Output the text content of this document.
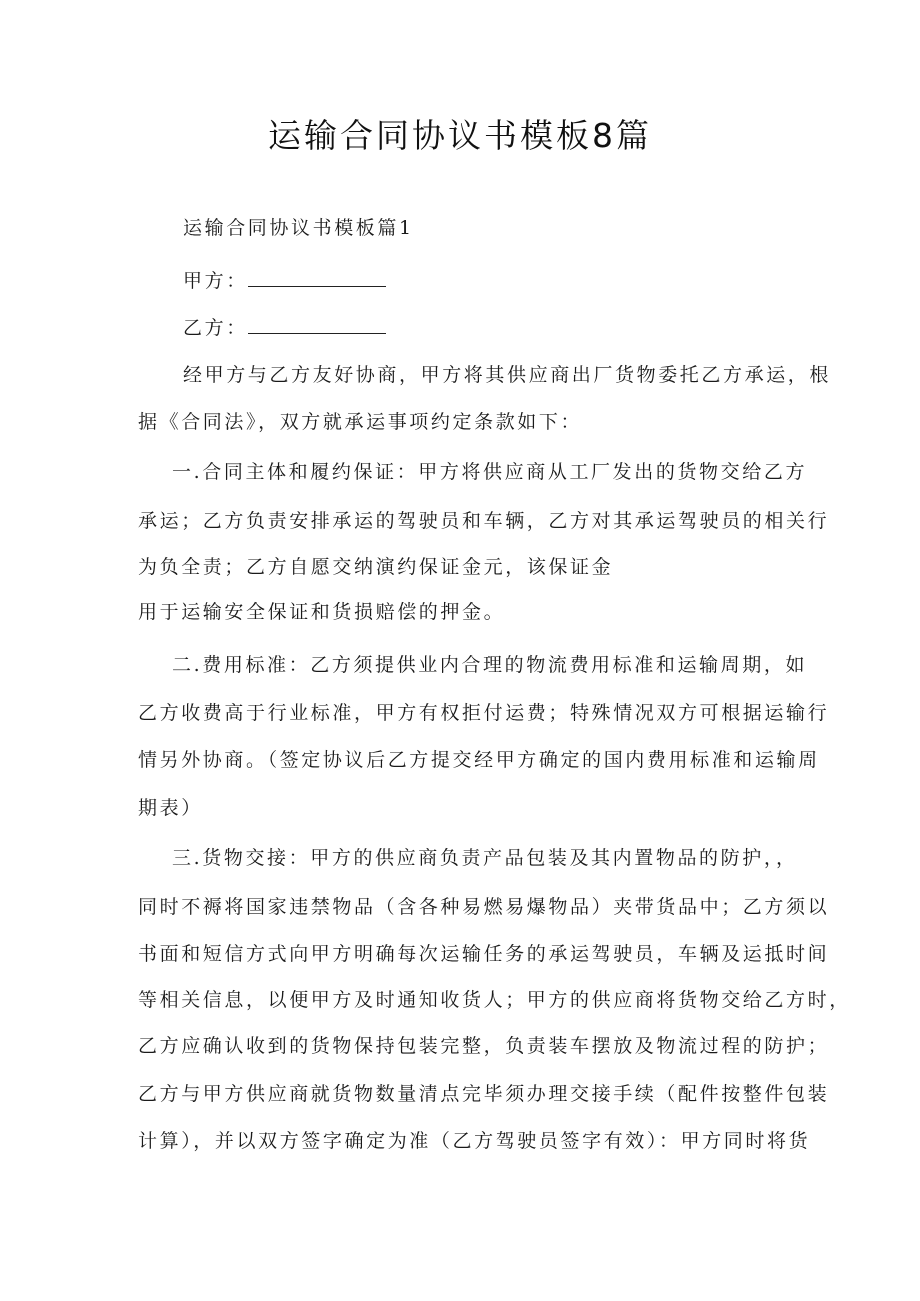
运输合同协议书模板8篇
运输合同协议书模板篇1
甲方：
乙方：
经甲方与乙方友好协商，甲方将其供应商出厂货物委托乙方承运，根
据《合同法》，双方就承运事项约定条款如下：
一.合同主体和履约保证：甲方将供应商从工厂发出的货物交给乙方
承运；乙方负责安排承运的驾驶员和车辆，乙方对其承运驾驶员的相关行
为负全责；乙方自愿交纳演约保证金元，该保证金
用于运输安全保证和货损赔偿的押金。
二.费用标准：乙方须提供业内合理的物流费用标准和运输周期，如
乙方收费高于行业标准，甲方有权拒付运费；特殊情况双方可根据运输行
情另外协商。（签定协议后乙方提交经甲方确定的国内费用标准和运输周
期表）
三.货物交接：甲方的供应商负责产品包装及其内置物品的防护，，
同时不褥将国家违禁物品（含各种易燃易爆物品）夹带货品中；乙方须以
书面和短信方式向甲方明确每次运输任务的承运驾驶员，车辆及运抵时间
等相关信息，以便甲方及时通知收货人；甲方的供应商将货物交给乙方时，
乙方应确认收到的货物保持包装完整，负责装车摆放及物流过程的防护；
乙方与甲方供应商就货物数量清点完毕须办理交接手续（配件按整件包装
计算），并以双方签字确定为准（乙方驾驶员签字有效）：甲方同时将货
